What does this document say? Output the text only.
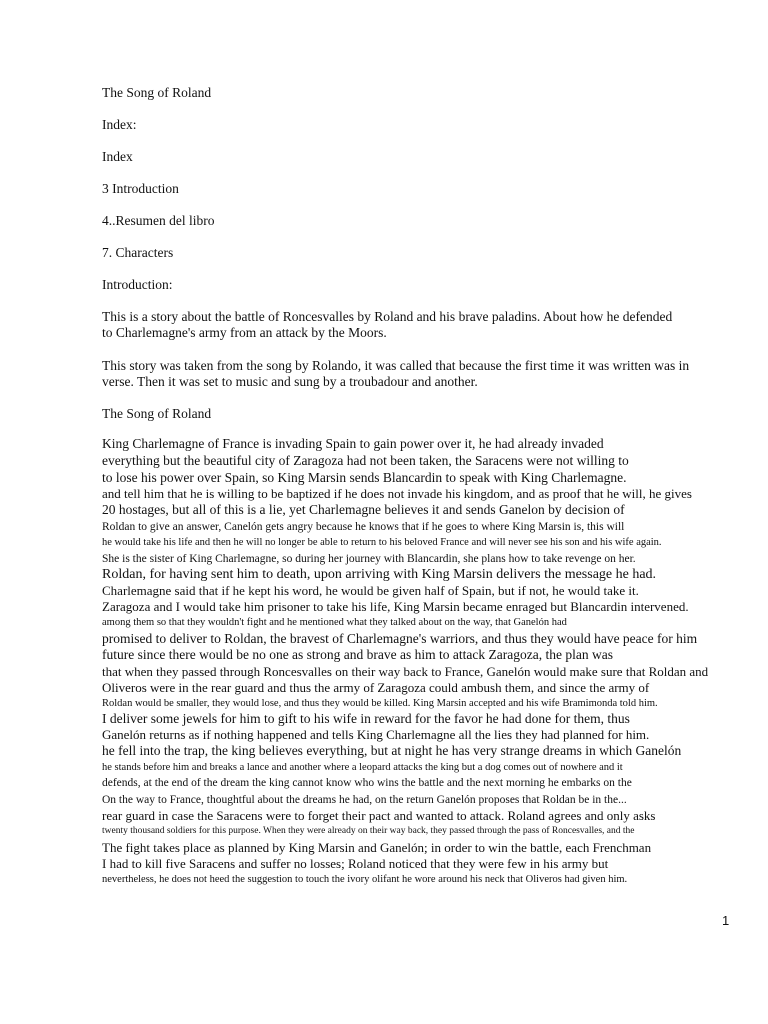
The Song of Roland
Index:
Index
3 Introduction
4..Resumen del libro
7. Characters
Introduction:
This is a story about the battle of Roncesvalles by Roland and his brave paladins. About how he defended
to Charlemagne's army from an attack by the Moors.
This story was taken from the song by Rolando, it was called that because the first time it was written was in
verse. Then it was set to music and sung by a troubadour and another.
The Song of Roland
King Charlemagne of France is invading Spain to gain power over it, he had already invaded
everything but the beautiful city of Zaragoza had not been taken, the Saracens were not willing to
to lose his power over Spain, so King Marsin sends Blancardin to speak with King Charlemagne.
and tell him that he is willing to be baptized if he does not invade his kingdom, and as proof that he will, he gives
20 hostages, but all of this is a lie, yet Charlemagne believes it and sends Ganelon by decision of
Roldan to give an answer, Canelón gets angry because he knows that if he goes to where King Marsin is, this will
he would take his life and then he will no longer be able to return to his beloved France and will never see his son and his wife again.
She is the sister of King Charlemagne, so during her journey with Blancardin, she plans how to take revenge on her.
Roldan, for having sent him to death, upon arriving with King Marsin delivers the message he had.
Charlemagne said that if he kept his word, he would be given half of Spain, but if not, he would take it.
Zaragoza and I would take him prisoner to take his life, King Marsin became enraged but Blancardin intervened.
among them so that they wouldn't fight and he mentioned what they talked about on the way, that Ganelón had
promised to deliver to Roldan, the bravest of Charlemagne's warriors, and thus they would have peace for him
future since there would be no one as strong and brave as him to attack Zaragoza, the plan was
that when they passed through Roncesvalles on their way back to France, Ganelón would make sure that Roldan and
Oliveros were in the rear guard and thus the army of Zaragoza could ambush them, and since the army of
Roldan would be smaller, they would lose, and thus they would be killed. King Marsin accepted and his wife Bramimonda told him.
I deliver some jewels for him to gift to his wife in reward for the favor he had done for them, thus
Ganelón returns as if nothing happened and tells King Charlemagne all the lies they had planned for him.
he fell into the trap, the king believes everything, but at night he has very strange dreams in which Ganelón
he stands before him and breaks a lance and another where a leopard attacks the king but a dog comes out of nowhere and it
defends, at the end of the dream the king cannot know who wins the battle and the next morning he embarks on the
On the way to France, thoughtful about the dreams he had, on the return Ganelón proposes that Roldan be in the...
rear guard in case the Saracens were to forget their pact and wanted to attack. Roland agrees and only asks
twenty thousand soldiers for this purpose. When they were already on their way back, they passed through the pass of Roncesvalles, and the
The fight takes place as planned by King Marsin and Ganelón; in order to win the battle, each Frenchman
I had to kill five Saracens and suffer no losses; Roland noticed that they were few in his army but
nevertheless, he does not heed the suggestion to touch the ivory olifant he wore around his neck that Oliveros had given him.
1
